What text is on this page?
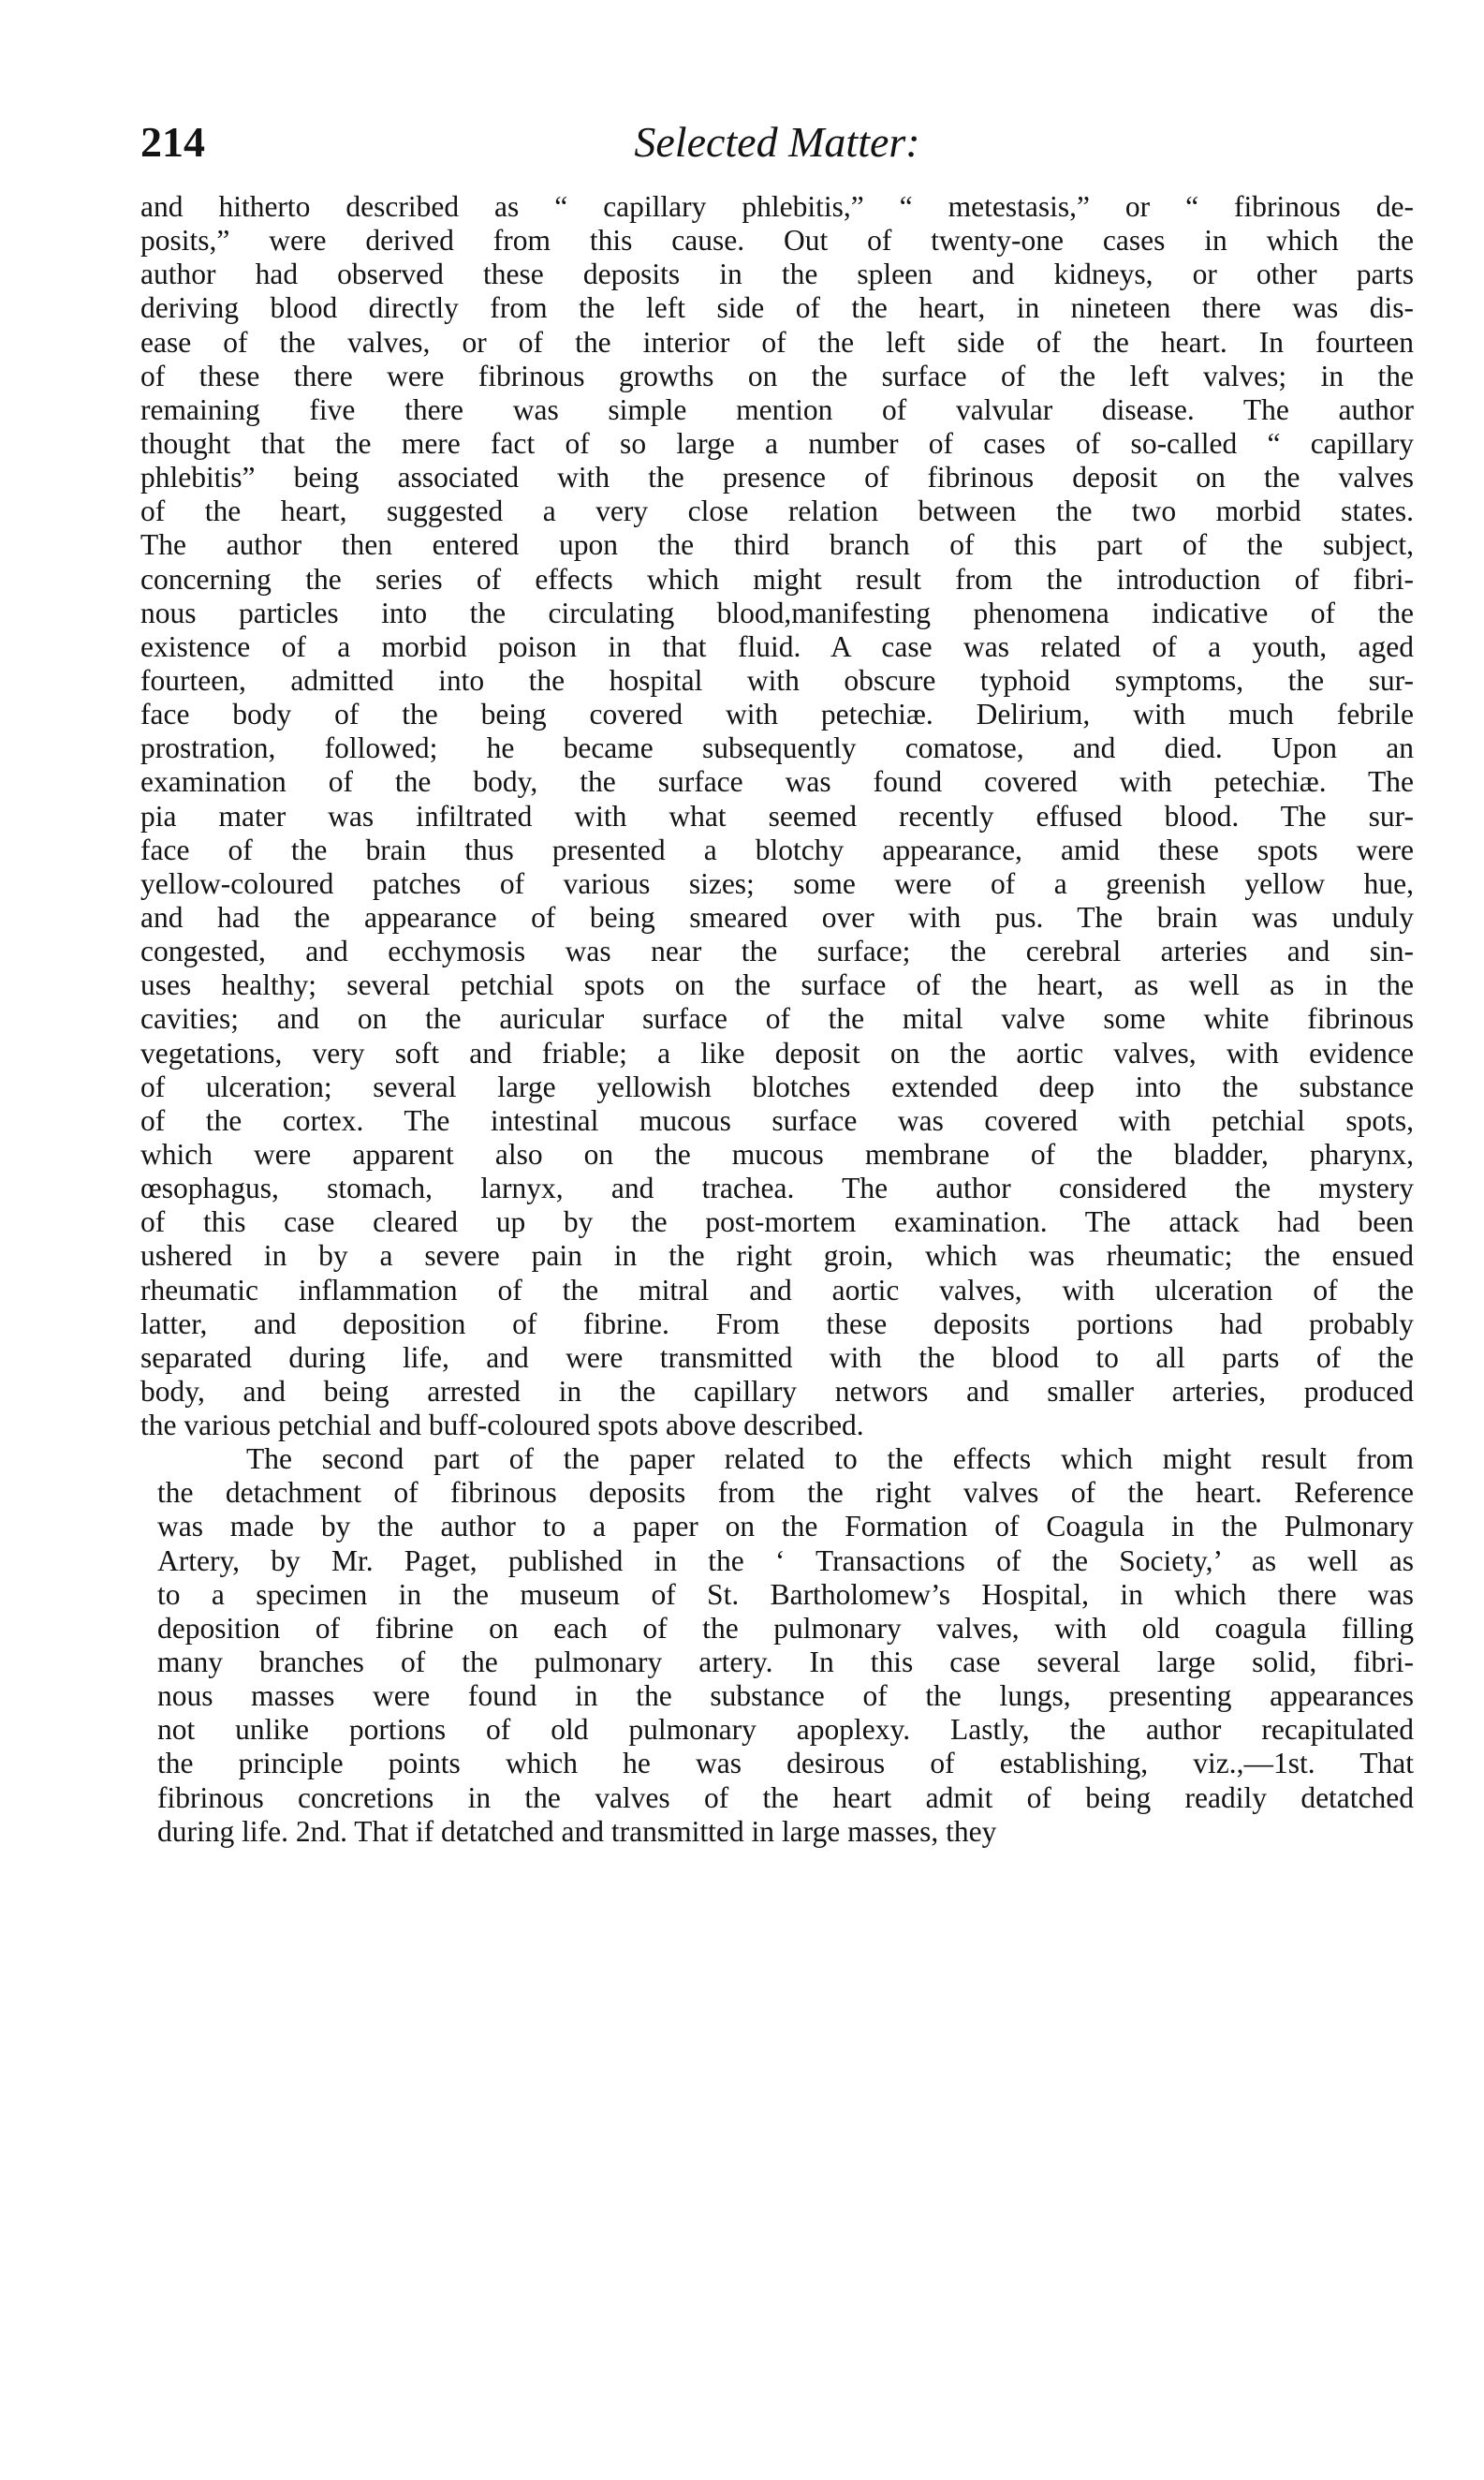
214	Selected Matter:
and hitherto described as “ capillary phlebitis,” “ metestasis,” or “ fibrinous de-
posits,” were derived from this cause. Out of twenty-one cases in which the
author had observed these deposits in the spleen and kidneys, or other parts
deriving blood directly from the left side of the heart, in nineteen there was dis-
ease of the valves, or of the interior of the left side of the heart. In fourteen
of these there were fibrinous growths on the surface of the left valves; in the
remaining five there was simple mention of valvular disease. The author
thought that the mere fact of so large a number of cases of so-called “ capillary
phlebitis” being associated with the presence of fibrinous deposit on the valves
of the heart, suggested a very close relation between the two morbid states.
The author then entered upon the third branch of this part of the subject,
concerning the series of effects which might result from the introduction of fibri-
nous particles into the circulating blood,manifesting phenomena indicative of the
existence of a morbid poison in that fluid. A case was related of a youth, aged
fourteen, admitted into the hospital with obscure typhoid symptoms, the sur-
face body of the being covered with petechiæ. Delirium, with much febrile
prostration, followed; he became subsequently comatose, and died. Upon an
examination of the body, the surface was found covered with petechiæ. The
pia mater was infiltrated with what seemed recently effused blood. The sur-
face of the brain thus presented a blotchy appearance, amid these spots were
yellow-coloured patches of various sizes; some were of a greenish yellow hue,
and had the appearance of being smeared over with pus. The brain was unduly
congested, and ecchymosis was near the surface; the cerebral arteries and sin-
uses healthy; several petchial spots on the surface of the heart, as well as in the
cavities; and on the auricular surface of the mital valve some white fibrinous
vegetations, very soft and friable; a like deposit on the aortic valves, with evidence
of ulceration; several large yellowish blotches extended deep into the substance
of the cortex. The intestinal mucous surface was covered with petchial spots,
which were apparent also on the mucous membrane of the bladder, pharynx,
œsophagus, stomach, larnyx, and trachea. The author considered the mystery
of this case cleared up by the post-mortem examination. The attack had been
ushered in by a severe pain in the right groin, which was rheumatic; the ensued
rheumatic inflammation of the mitral and aortic valves, with ulceration of the
latter, and deposition of fibrine. From these deposits portions had probably
separated during life, and were transmitted with the blood to all parts of the
body, and being arrested in the capillary networs and smaller arteries, produced
the various petchial and buff-coloured spots above described.
The second part of the paper related to the effects which might result from
the detachment of fibrinous deposits from the right valves of the heart. Reference
was made by the author to a paper on the Formation of Coagula in the Pulmonary
Artery, by Mr. Paget, published in the ‘ Transactions of the Society,’ as well as
to a specimen in the museum of St. Bartholomew’s Hospital, in which there was
deposition of fibrine on each of the pulmonary valves, with old coagula filling
many branches of the pulmonary artery. In this case several large solid, fibri-
nous masses were found in the substance of the lungs, presenting appearances
not unlike portions of old pulmonary apoplexy. Lastly, the author recapitulated
the principle points which he was desirous of establishing, viz.,—1st. That
fibrinous concretions in the valves of the heart admit of being readily detatched
during life. 2nd. That if detatched and transmitted in large masses, they
